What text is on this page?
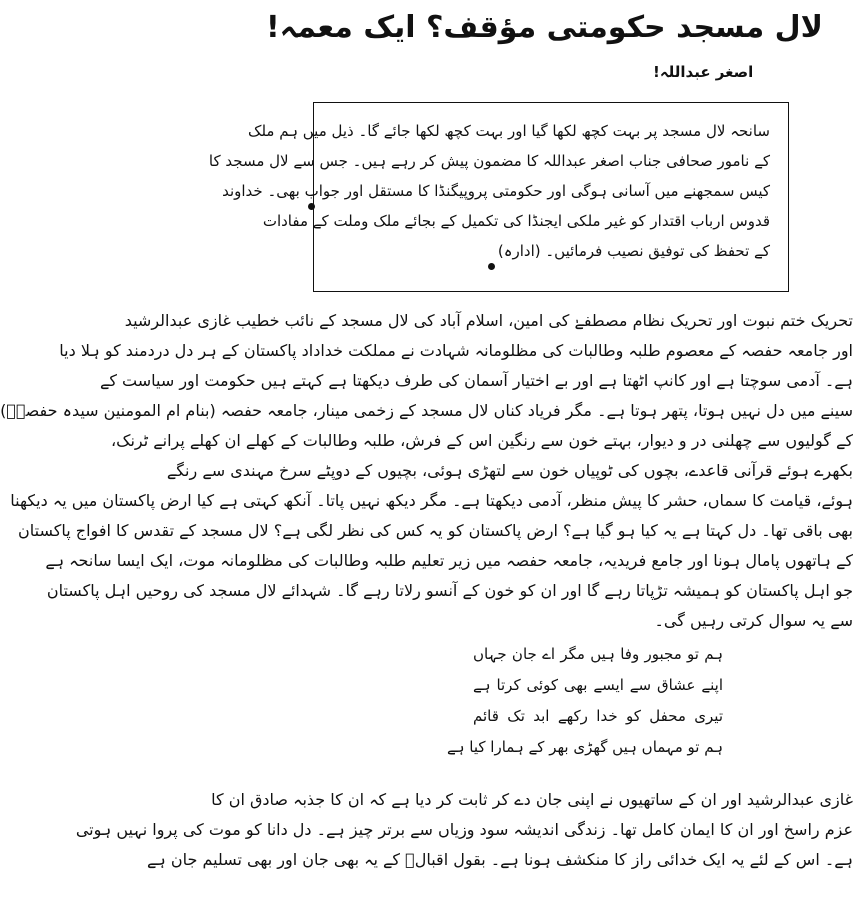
لال مسجد حکومتی مؤقف؟ ایک معمہ!
اصغر عبداللہ!
سانحہ لال مسجد پر بہت کچھ لکھا گیا اور بہت کچھ لکھا جائے گا۔ ذیل میں ہم ملک
کے نامور صحافی جناب اصغر عبداللہ کا مضمون پیش کر رہے ہیں۔ جس سے لال مسجد کا
کیس سمجھنے میں آسانی ہوگی اور حکومتی پروپیگنڈا کا مستقل اور جواب بھی۔ خداوند
قدوس ارباب اقتدار کو غیر ملکی ایجنڈا کی تکمیل کے بجائے ملک وملت کے مفادات
کے تحفظ کی توفیق نصیب فرمائیں۔ (ادارہ)
تحریک ختم نبوت اور تحریک نظام مصطفےٰ کی امین، اسلام آباد کی لال مسجد کے نائب خطیب غازی عبدالرشید
اور جامعہ حفصہ کے معصوم طلبہ وطالبات کی مظلومانہ شہادت نے مملکت خداداد پاکستان کے ہر دل دردمند کو ہلا دیا
ہے۔ آدمی سوچتا ہے اور کانپ اٹھتا ہے اور بے اختیار آسمان کی طرف دیکھتا ہے کہتے ہیں حکومت اور سیاست کے
سینے میں دل نہیں ہوتا، پتھر ہوتا ہے۔ مگر فریاد کناں لال مسجد کے زخمی مینار، جامعہ حفصہ (بنام ام المومنین سیدہ حفصہؓ)
کے گولیوں سے چھلنی در و دیوار، بہتے خون سے رنگین اس کے فرش، طلبہ وطالبات کے کھلے ان کھلے پرانے ٹرنک،
بکھرے ہوئے قرآنی قاعدے، بچوں کی ٹوپیاں خون سے لتھڑی ہوئی، بچیوں کے دوپٹے سرخ مہندی سے رنگے
ہوئے، قیامت کا سماں، حشر کا پیش منظر، آدمی دیکھتا ہے۔ مگر دیکھ نہیں پاتا۔ آنکھ کہتی ہے کیا ارض پاکستان میں یہ دیکھنا
بھی باقی تھا۔ دل کہتا ہے یہ کیا ہو گیا ہے؟ ارض پاکستان کو یہ کس کی نظر لگی ہے؟ لال مسجد کے تقدس کا افواج پاکستان
کے ہاتھوں پامال ہونا اور جامع فریدیہ، جامعہ حفصہ میں زیر تعلیم طلبہ وطالبات کی مظلومانہ موت، ایک ایسا سانحہ ہے
جو اہل پاکستان کو ہمیشہ تڑپاتا رہے گا اور ان کو خون کے آنسو رلاتا رہے گا۔ شہدائے لال مسجد کی روحیں اہل پاکستان
سے یہ سوال کرتی رہیں گی۔
ہم تو مجبور وفا ہیں مگر اے جان جہاں
اپنے عشاق سے ایسے بھی کوئی کرتا ہے
تیری محفل کو خدا رکھے ابد تک قائم
ہم تو مہماں ہیں گھڑی بھر کے ہمارا کیا ہے
غازی عبدالرشید اور ان کے ساتھیوں نے اپنی جان دے کر ثابت کر دیا ہے کہ ان کا جذبہ صادق ان کا
عزم راسخ اور ان کا ایمان کامل تھا۔ زندگی اندیشہ سود وزیاں سے برتر چیز ہے۔ دل دانا کو موت کی پروا نہیں ہوتی
ہے۔ اس کے لئے یہ ایک خدائی راز کا منکشف ہونا ہے۔ بقول اقبالؒ کے یہ بھی جان اور بھی تسلیم جان ہے
